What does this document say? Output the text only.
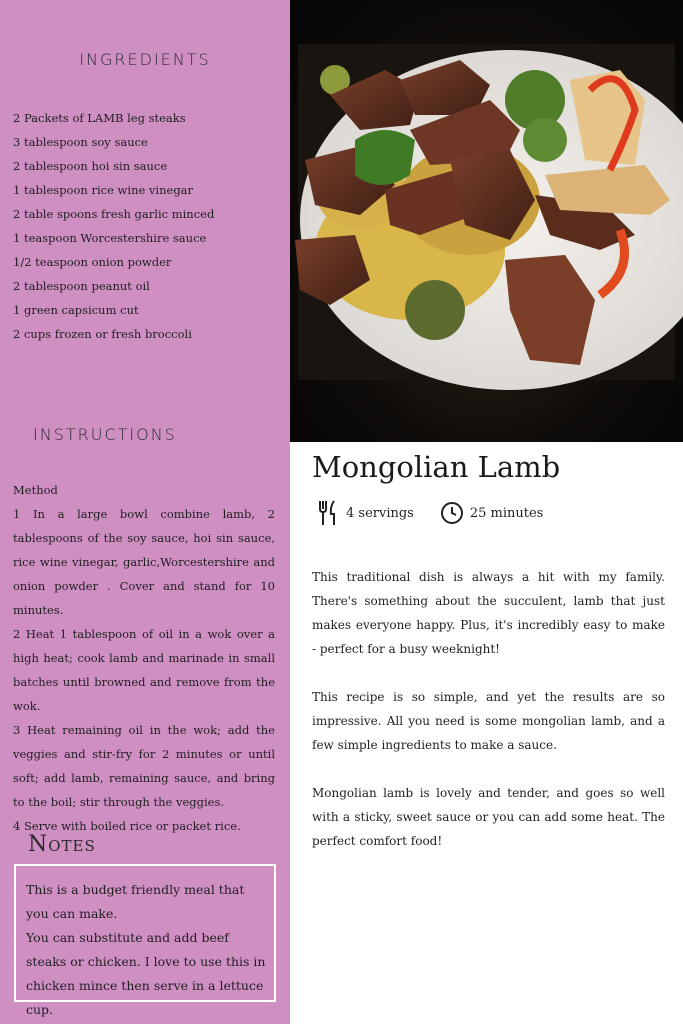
INGREDIENTS
2 Packets of LAMB leg steaks
3 tablespoon soy sauce
2 tablespoon hoi sin sauce
1 tablespoon rice wine vinegar
2 table spoons fresh garlic minced
1 teaspoon Worcestershire sauce
1/2 teaspoon onion powder
2 tablespoon peanut oil
1 green capsicum cut
2 cups frozen or fresh broccoli
INSTRUCTIONS
Method
1 In a large bowl combine lamb, 2 tablespoons of the soy sauce, hoi sin sauce, rice wine vinegar, garlic,Worcestershire and onion powder . Cover and stand for 10 minutes.
2 Heat 1 tablespoon of oil in a wok over a high heat; cook lamb and marinade in small batches until browned and remove from the wok.
3 Heat remaining oil in the wok; add the veggies and stir-fry for 2 minutes or until soft; add lamb, remaining sauce, and bring to the boil; stir through the veggies.
4 Serve with boiled rice or packet rice.
Notes

This is a budget friendly meal that you can make.

You can substitute and add beef steaks or chicken. I love to use this in chicken mince then serve in a lettuce cup.

Mongolian Lamb
4 servings	25 minutes

This traditional dish is always a hit with my family. There's something about the succulent, lamb that just makes everyone happy. Plus, it's incredibly easy to make - perfect for a busy weeknight!

This recipe is so simple, and yet the results are so impressive. All you need is some mongolian lamb, and a few simple ingredients to make a sauce.

Mongolian lamb is lovely and tender, and goes so well with a sticky, sweet sauce or you can add some heat. The perfect comfort food!
